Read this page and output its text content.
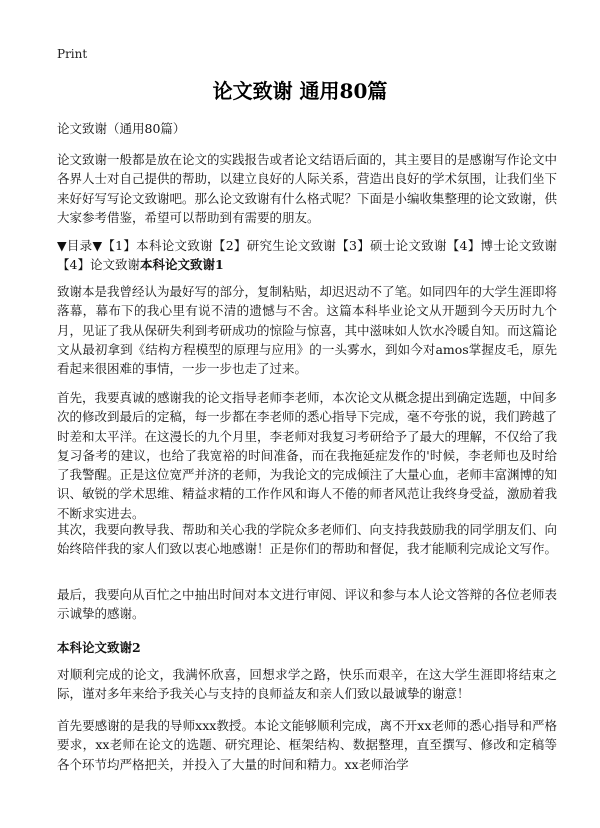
Print
论文致谢 通用80篇
论文致谢（通用80篇）

论文致谢一般都是放在论文的实践报告或者论文结语后面的，其主要目的是感谢写作论文中各界人士对自己提供的帮助，以建立良好的人际关系，营造出良好的学术氛围，让我们坐下来好好写写论文致谢吧。那么论文致谢有什么格式呢？下面是小编收集整理的论文致谢，供大家参考借鉴，希望可以帮助到有需要的朋友。

▼目录▼【1】本科论文致谢【2】研究生论文致谢【3】硕士论文致谢【4】博士论文致谢【4】论文致谢本科论文致谢1

致谢本是我曾经认为最好写的部分，复制粘贴，却迟迟动不了笔。如同四年的大学生涯即将落幕，幕布下的我心里有说不清的遗憾与不舍。这篇本科毕业论文从开题到今天历时九个月，见证了我从保研失利到考研成功的惊险与惊喜，其中滋味如人饮水冷暖自知。而这篇论文从最初拿到《结构方程模型的原理与应用》的一头雾水，到如今对amos掌握皮毛，原先看起来很困难的事情，一步一步也走了过来。

首先，我要真诚的感谢我的论文指导老师李老师，本次论文从概念提出到确定选题，中间多次的修改到最后的定稿，每一步都在李老师的悉心指导下完成，毫不夸张的说，我们跨越了时差和太平洋。在这漫长的九个月里，李老师对我复习考研给予了最大的理解，不仅给了我复习备考的建议，也给了我宽裕的时间准备，而在我拖延症发作的'时候，李老师也及时给了我警醒。正是这位宽严并济的老师，为我论文的完成倾注了大量心血，老师丰富渊博的知识、敏锐的学术思维、精益求精的工作作风和诲人不倦的师者风范让我终身受益，激励着我不断求实进去。

其次，我要向教导我、帮助和关心我的学院众多老师们、向支持我鼓励我的同学朋友们、向始终陪伴我的家人们致以衷心地感谢！正是你们的帮助和督促，我才能顺利完成论文写作。

最后，我要向从百忙之中抽出时间对本文进行审阅、评议和参与本人论文答辩的各位老师表示诚挚的感谢。

本科论文致谢2

对顺利完成的论文，我满怀欣喜，回想求学之路，快乐而艰辛，在这大学生涯即将结束之际，谨对多年来给予我关心与支持的良师益友和亲人们致以最诚挚的谢意！

首先要感谢的是我的导师xxx教授。本论文能够顺利完成，离不开xx老师的悉心指导和严格要求，xx老师在论文的选题、研究理论、框架结构、数据整理，直至撰写、修改和定稿等各个环节均严格把关，并投入了大量的时间和精力。xx老师治学
